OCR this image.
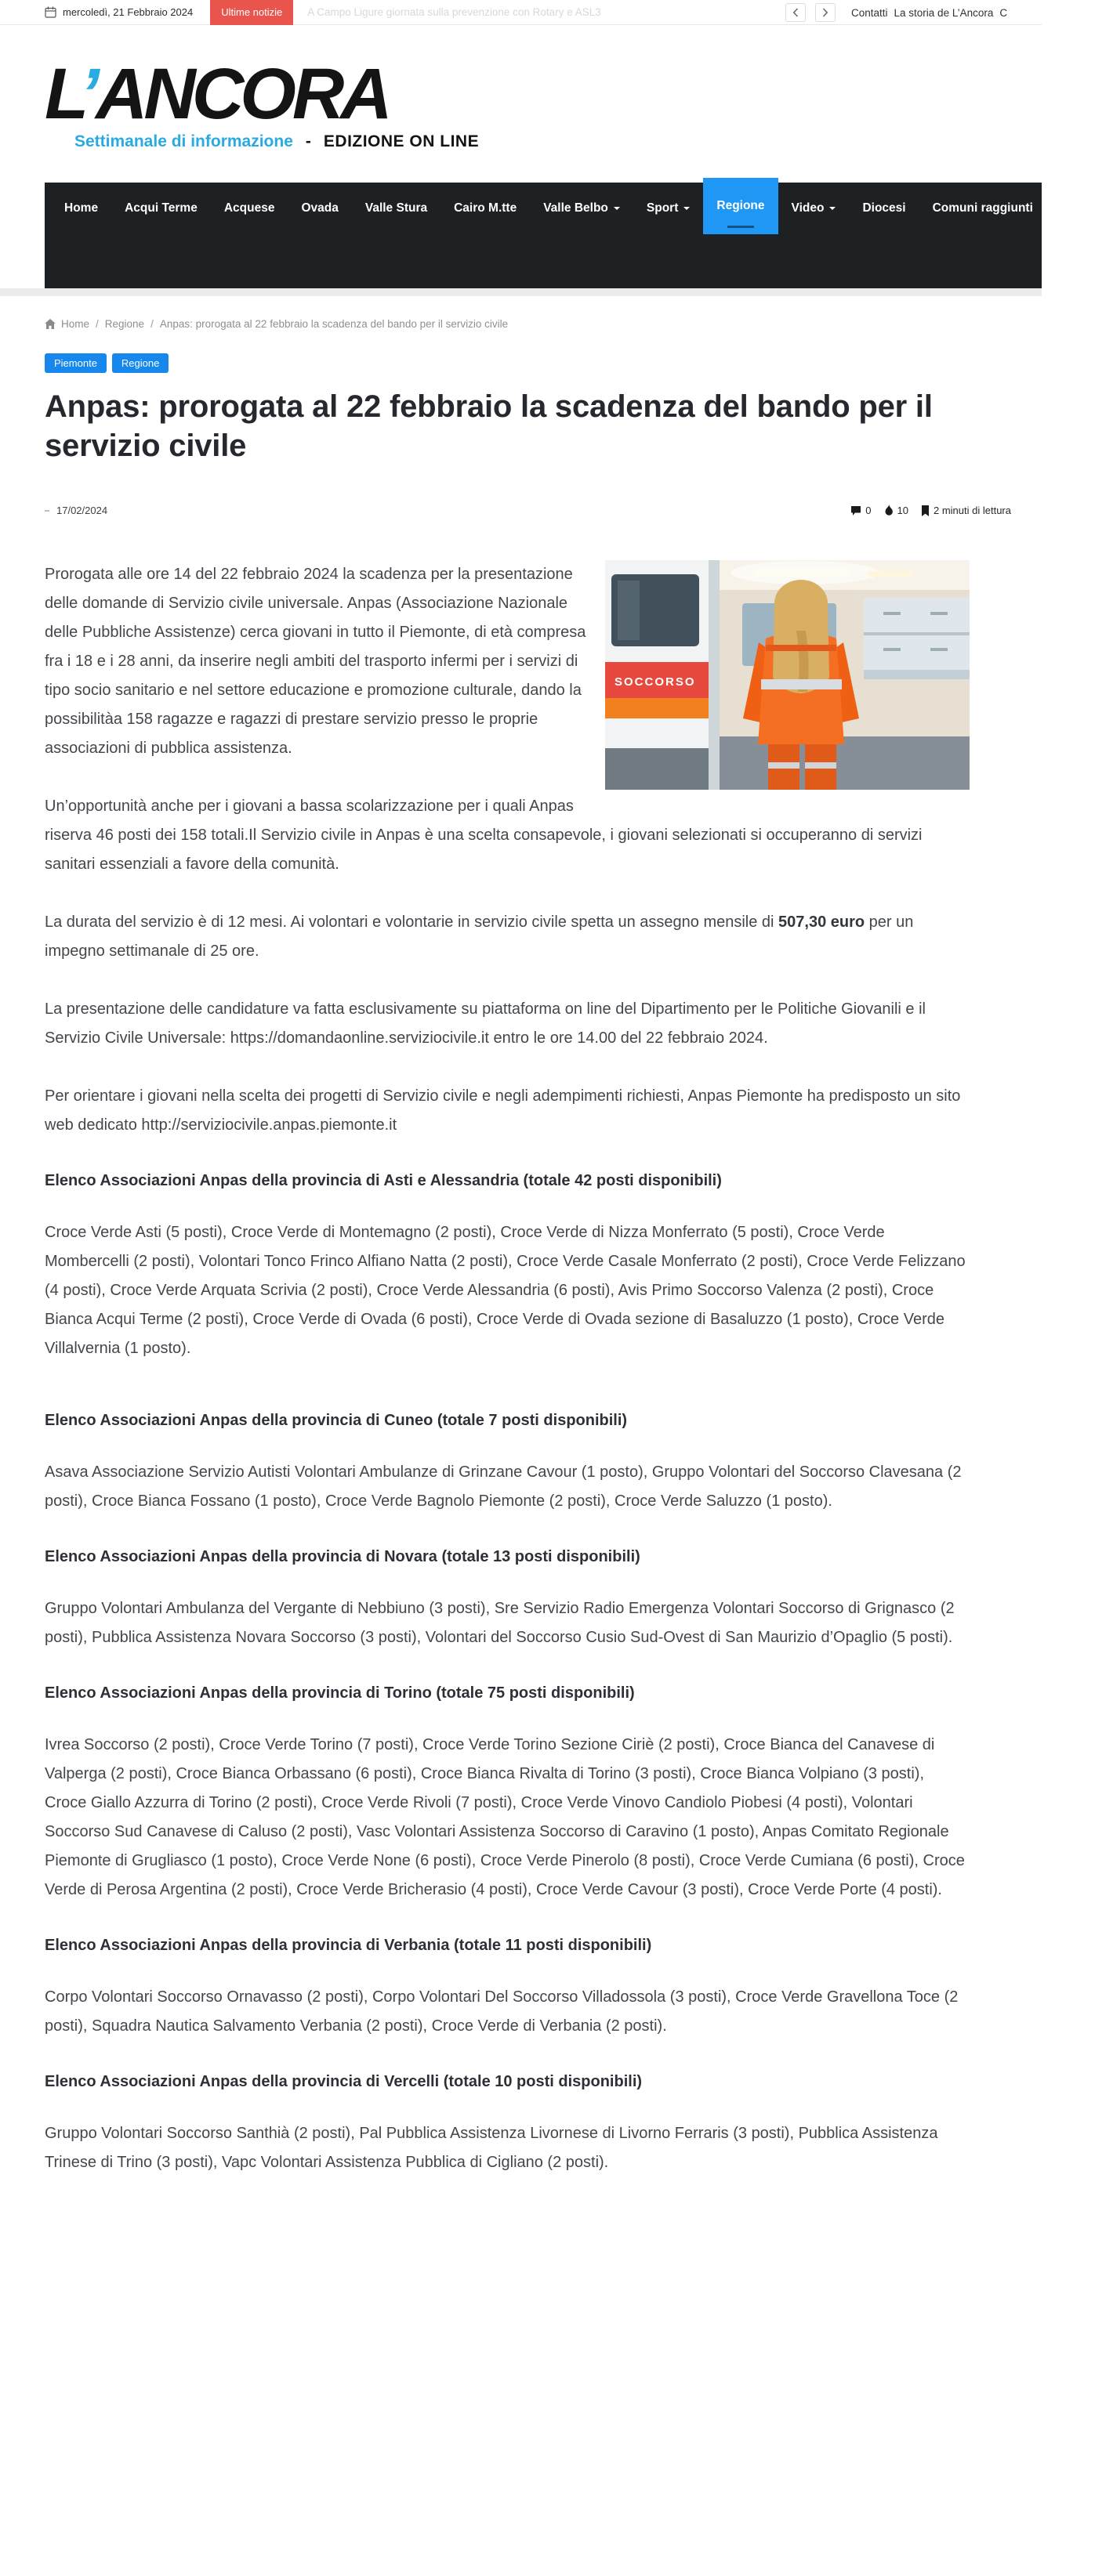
mercoledì, 21 Febbraio 2024	Ultime notizie	A Campo Ligure giornata sulla prevenzione con Rotary e ASL3	Contatti La storia de L’Ancora C
L’ANCORA
Settimanale di informazione - EDIZIONE ON LINE
Home Acqui Terme Acquese Ovada Valle Stura Cairo M.tte Valle Belbo	Sport	Regione Video	Diocesi Comuni raggiunti Notizie
Home / Regione / Anpas: prorogata al 22 febbraio la scadenza del bando per il servizio civile
Piemonte	Regione
Anpas: prorogata al 22 febbraio la scadenza del bando per il servizio civile
17/02/2024	0	10 2 minuti di lettura
SOCCORSO

Prorogata alle ore 14 del 22 febbraio 2024 la scadenza per la presentazione delle domande di Servizio civile universale. Anpas (Associazione Nazionale delle Pubbliche Assistenze) cerca giovani in tutto il Piemonte, di età compresa fra i 18 e i 28 anni, da inserire negli ambiti del trasporto infermi per i servizi di tipo socio sanitario e nel settore educazione e promozione culturale, dando la possibilitàa 158 ragazze e ragazzi di prestare servizio presso le proprie associazioni di pubblica assistenza.

Un’opportunità anche per i giovani a bassa scolarizzazione per i quali Anpas riserva 46 posti dei 158 totali.Il Servizio civile in Anpas è una scelta consapevole, i giovani selezionati si occuperanno di servizi sanitari essenziali a favore della comunità.

La durata del servizio è di 12 mesi. Ai volontari e volontarie in servizio civile spetta un assegno mensile di 507,30 euro per un impegno settimanale di 25 ore.

La presentazione delle candidature va fatta esclusivamente su piattaforma on line del Dipartimento per le Politiche Giovanili e il Servizio Civile Universale: https://domandaonline.serviziocivile.it entro le ore 14.00 del 22 febbraio 2024.

Per orientare i giovani nella scelta dei progetti di Servizio civile e negli adempimenti richiesti, Anpas Piemonte ha predisposto un sito web dedicato http://serviziocivile.anpas.piemonte.it

Elenco Associazioni Anpas della provincia di Asti e Alessandria (totale 42 posti disponibili)

Croce Verde Asti (5 posti), Croce Verde di Montemagno (2 posti), Croce Verde di Nizza Monferrato (5 posti), Croce Verde Mombercelli (2 posti), Volontari Tonco Frinco Alfiano Natta (2 posti), Croce Verde Casale Monferrato (2 posti), Croce Verde Felizzano (4 posti), Croce Verde Arquata Scrivia (2 posti), Croce Verde Alessandria (6 posti), Avis Primo Soccorso Valenza (2 posti), Croce Bianca Acqui Terme (2 posti), Croce Verde di Ovada (6 posti), Croce Verde di Ovada sezione di Basaluzzo (1 posto), Croce Verde Villalvernia (1 posto).

Elenco Associazioni Anpas della provincia di Cuneo (totale 7 posti disponibili)

Asava Associazione Servizio Autisti Volontari Ambulanze di Grinzane Cavour (1 posto), Gruppo Volontari del Soccorso Clavesana (2 posti), Croce Bianca Fossano (1 posto), Croce Verde Bagnolo Piemonte (2 posti), Croce Verde Saluzzo (1 posto).

Elenco Associazioni Anpas della provincia di Novara (totale 13 posti disponibili)

Gruppo Volontari Ambulanza del Vergante di Nebbiuno (3 posti), Sre Servizio Radio Emergenza Volontari Soccorso di Grignasco (2 posti), Pubblica Assistenza Novara Soccorso (3 posti), Volontari del Soccorso Cusio Sud-Ovest di San Maurizio d’Opaglio (5 posti).

Elenco Associazioni Anpas della provincia di Torino (totale 75 posti disponibili)

Ivrea Soccorso (2 posti), Croce Verde Torino (7 posti), Croce Verde Torino Sezione Ciriè (2 posti), Croce Bianca del Canavese di Valperga (2 posti), Croce Bianca Orbassano (6 posti), Croce Bianca Rivalta di Torino (3 posti), Croce Bianca Volpiano (3 posti), Croce Giallo Azzurra di Torino (2 posti), Croce Verde Rivoli (7 posti), Croce Verde Vinovo Candiolo Piobesi (4 posti), Volontari Soccorso Sud Canavese di Caluso (2 posti), Vasc Volontari Assistenza Soccorso di Caravino (1 posto), Anpas Comitato Regionale Piemonte di Grugliasco (1 posto), Croce Verde None (6 posti), Croce Verde Pinerolo (8 posti), Croce Verde Cumiana (6 posti), Croce Verde di Perosa Argentina (2 posti), Croce Verde Bricherasio (4 posti), Croce Verde Cavour (3 posti), Croce Verde Porte (4 posti).

Elenco Associazioni Anpas della provincia di Verbania (totale 11 posti disponibili)

Corpo Volontari Soccorso Ornavasso (2 posti), Corpo Volontari Del Soccorso Villadossola (3 posti), Croce Verde Gravellona Toce (2 posti), Squadra Nautica Salvamento Verbania (2 posti), Croce Verde di Verbania (2 posti).

Elenco Associazioni Anpas della provincia di Vercelli (totale 10 posti disponibili)

Gruppo Volontari Soccorso Santhià (2 posti), Pal Pubblica Assistenza Livornese di Livorno Ferraris (3 posti), Pubblica Assistenza Trinese di Trino (3 posti), Vapc Volontari Assistenza Pubblica di Cigliano (2 posti).
